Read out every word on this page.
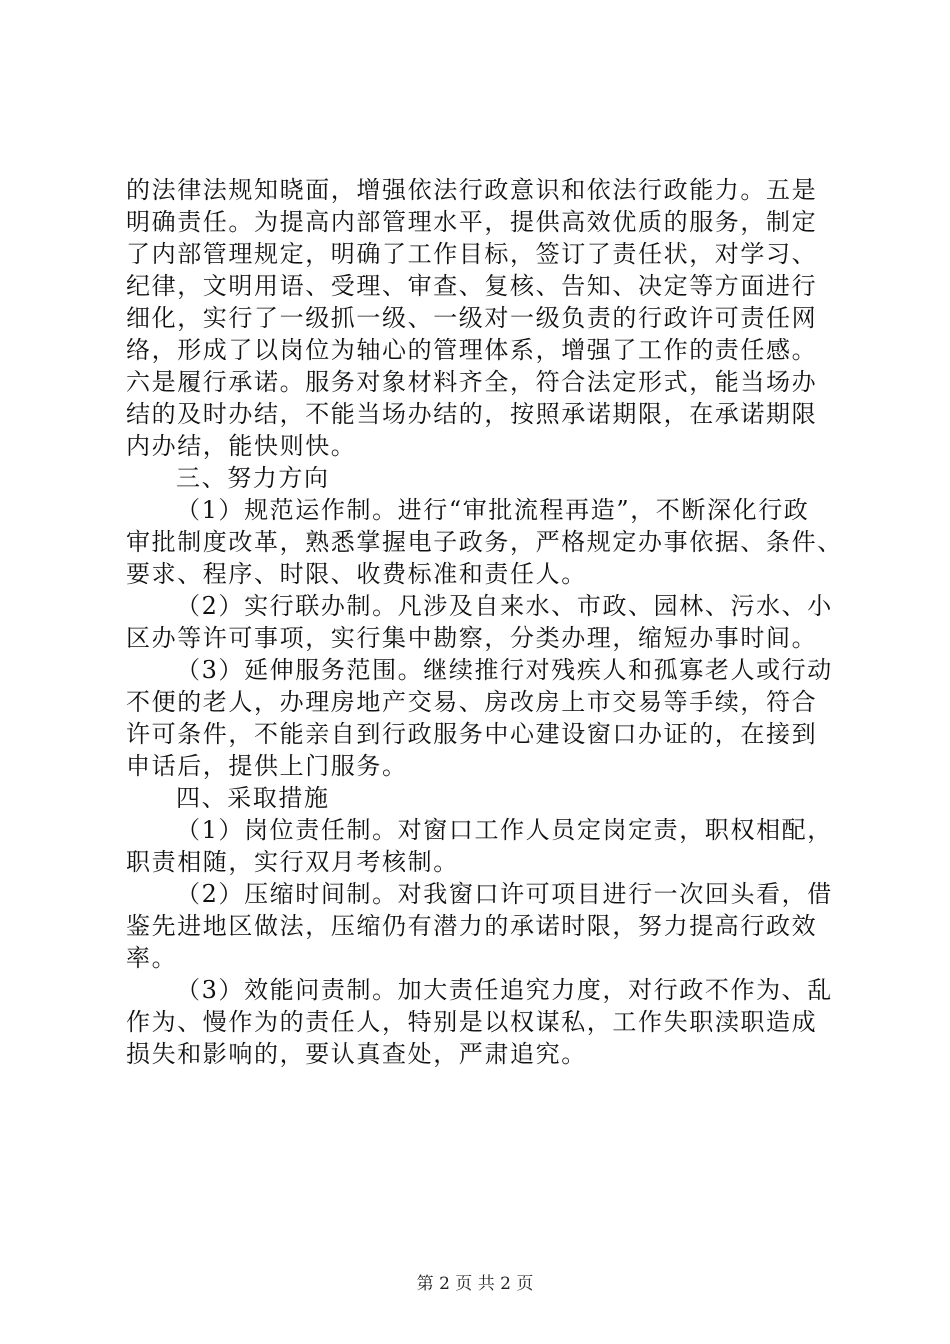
的法律法规知晓面，增强依法行政意识和依法行政能力。五是
明确责任。为提高内部管理水平，提供高效优质的服务，制定
了内部管理规定，明确了工作目标，签订了责任状，对学习、
纪律，文明用语、受理、审查、复核、告知、决定等方面进行
细化，实行了一级抓一级、一级对一级负责的行政许可责任网
络，形成了以岗位为轴心的管理体系，增强了工作的责任感。
六是履行承诺。服务对象材料齐全，符合法定形式，能当场办
结的及时办结，不能当场办结的，按照承诺期限，在承诺期限
内办结，能快则快。
三、努力方向
（1）规范运作制。进行“审批流程再造”，不断深化行政
审批制度改革，熟悉掌握电子政务，严格规定办事依据、条件、
要求、程序、时限、收费标准和责任人。
（2）实行联办制。凡涉及自来水、市政、园林、污水、小
区办等许可事项，实行集中勘察，分类办理，缩短办事时间。
（3）延伸服务范围。继续推行对残疾人和孤寡老人或行动
不便的老人，办理房地产交易、房改房上市交易等手续，符合
许可条件，不能亲自到行政服务中心建设窗口办证的，在接到
申话后，提供上门服务。
四、采取措施
（1）岗位责任制。对窗口工作人员定岗定责，职权相配，
职责相随，实行双月考核制。
（2）压缩时间制。对我窗口许可项目进行一次回头看，借
鉴先进地区做法，压缩仍有潜力的承诺时限，努力提高行政效
率。
（3）效能问责制。加大责任追究力度，对行政不作为、乱
作为、慢作为的责任人，特别是以权谋私，工作失职渎职造成
损失和影响的，要认真查处，严肃追究。
第 2 页 共 2 页
